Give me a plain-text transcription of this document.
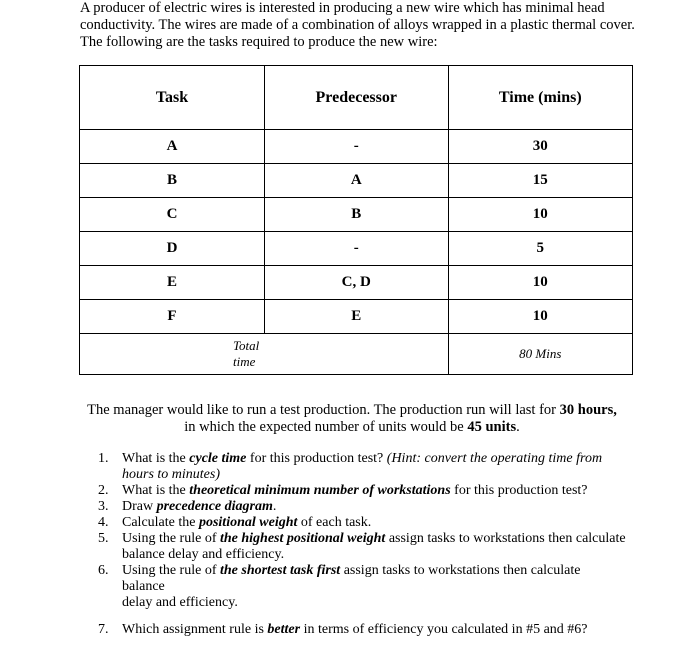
A producer of electric wires is interested in producing a new wire which has minimal head
conductivity. The wires are made of a combination of alloys wrapped in a plastic thermal cover.
The following are the tasks required to produce the new wire:
Task	Predecessor	Time (mins)
A	-	30
B	A	15
C	B	10
D	-	5
E	C, D	10
F	E	10
Total time		80 Mins
The manager would like to run a test production. The production run will last for 30 hours, in which the expected number of units would be 45 units.
1. What is the cycle time for this production test? (Hint: convert the operating time from hours to minutes)
2. What is the theoretical minimum number of workstations for this production test?
3. Draw precedence diagram.
4. Calculate the positional weight of each task.
5. Using the rule of the highest positional weight assign tasks to workstations then calculate balance delay and efficiency.
6. Using the rule of the shortest task first assign tasks to workstations then calculate
balance
delay and efficiency.
7. Which assignment rule is better in terms of efficiency you calculated in #5 and #6?
